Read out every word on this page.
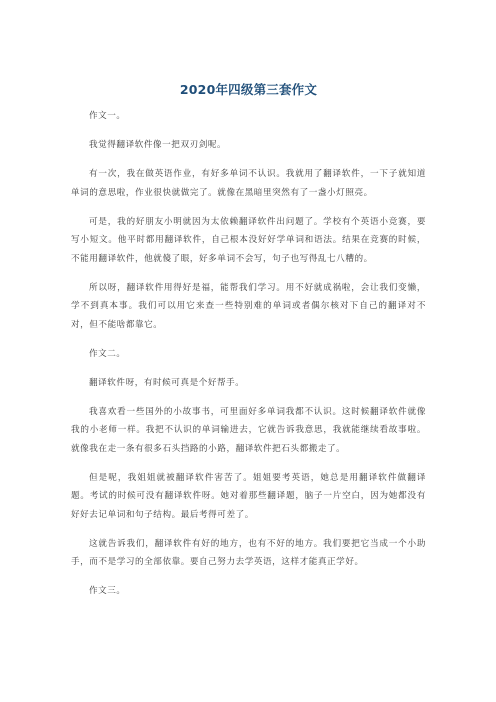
2020年四级第三套作文

作文一。

我觉得翻译软件像一把双刃剑呢。

有一次，我在做英语作业，有好多单词不认识。我就用了翻译软件，一下子就知道单词的意思啦，作业很快就做完了。就像在黑暗里突然有了一盏小灯照亮。

可是，我的好朋友小明就因为太依赖翻译软件出问题了。学校有个英语小竞赛，要写小短文。他平时都用翻译软件，自己根本没好好学单词和语法。结果在竞赛的时候，不能用翻译软件，他就傻了眼，好多单词不会写，句子也写得乱七八糟的。

所以呀，翻译软件用得好是福，能帮我们学习。用不好就成祸啦，会让我们变懒，学不到真本事。我们可以用它来查一些特别难的单词或者偶尔核对下自己的翻译对不对，但不能啥都靠它。

作文二。

翻译软件呀，有时候可真是个好帮手。

我喜欢看一些国外的小故事书，可里面好多单词我都不认识。这时候翻译软件就像我的小老师一样。我把不认识的单词输进去，它就告诉我意思，我就能继续看故事啦。就像我在走一条有很多石头挡路的小路，翻译软件把石头都搬走了。

但是呢，我姐姐就被翻译软件害苦了。姐姐要考英语，她总是用翻译软件做翻译题。考试的时候可没有翻译软件呀。她对着那些翻译题，脑子一片空白，因为她都没有好好去记单词和句子结构。最后考得可差了。

这就告诉我们，翻译软件有好的地方，也有不好的地方。我们要把它当成一个小助手，而不是学习的全部依靠。要自己努力去学英语，这样才能真正学好。

作文三。
